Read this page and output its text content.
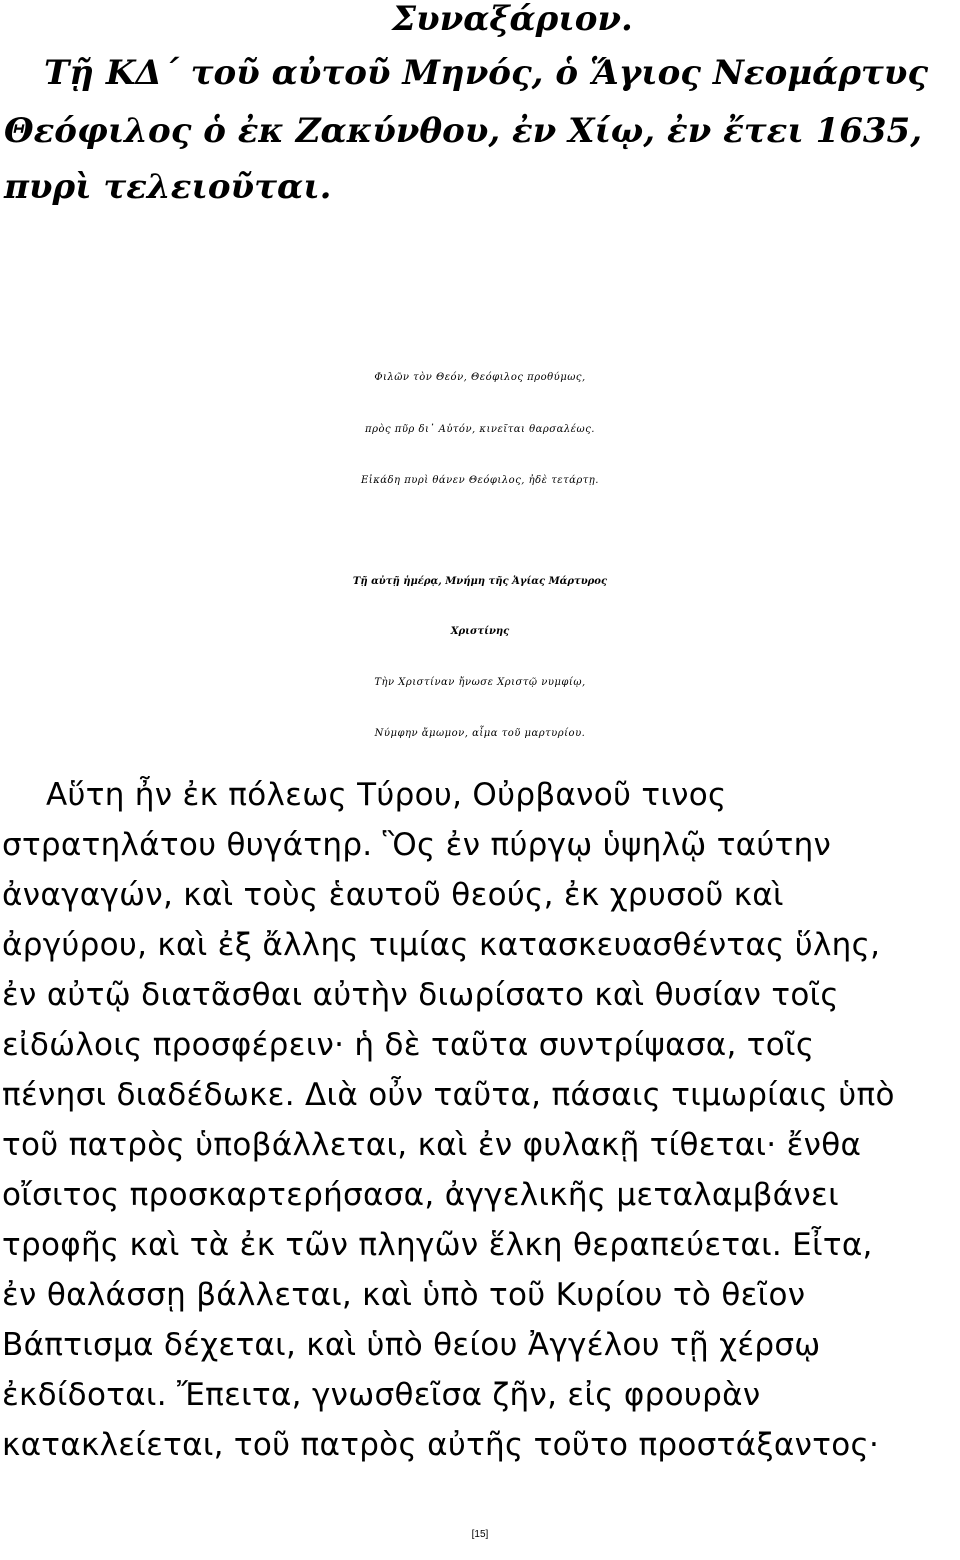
Συναξάριον.
Τῇ ΚΔ΄ τοῦ αὐτοῦ Μηνός, ὁ Ἅγιος Νεομάρτυς
Θεόφιλος ὁ ἐκ Ζακύνθου, ἐν Χίῳ, ἐν ἔτει 1635,
πυρὶ τελειοῦται.
Φιλῶν τὸν Θεόν, Θεόφιλος προθύμως,
πρὸς πῦρ δι᾽ Αὐτόν, κινεῖται θαρσαλέως.
Εἰκάδη πυρὶ θάνεν Θεόφιλος, ἠδὲ τετάρτῃ.
Τῇ αὐτῇ ἡμέρᾳ, Μνήμη τῆς Ἁγίας Μάρτυρος
Χριστίνης
Τὴν Χριστίναν ἤνωσε Χριστῷ νυμφίῳ,
Νύμφην ἄμωμον, αἷμα τοῦ μαρτυρίου.
Αὕτη ἦν ἐκ πόλεως Τύρου, Οὐρβανοῦ τινος
στρατηλάτου θυγάτηρ. Ὃς ἐν πύργῳ ὑψηλῷ ταύτην
ἀναγαγών, καὶ τοὺς ἑαυτοῦ θεούς, ἐκ χρυσοῦ καὶ
ἀργύρου, καὶ ἐξ ἄλλης τιμίας κατασκευασθέντας ὕλης,
ἐν αὐτῷ διατᾶσθαι αὐτὴν διωρίσατο καὶ θυσίαν τοῖς
εἰδώλοις προσφέρειν· ἡ δὲ ταῦτα συντρίψασα, τοῖς
πένησι διαδέδωκε. Διὰ οὖν ταῦτα, πάσαις τιμωρίαις ὑπὸ
τοῦ πατρὸς ὑποβάλλεται, καὶ ἐν φυλακῇ τίθεται· ἔνθα
οἴσιτος προσκαρτερήσασα, ἀγγελικῆς μεταλαμβάνει
τροφῆς καὶ τὰ ἐκ τῶν πληγῶν ἕλκη θεραπεύεται. Εἶτα,
ἐν θαλάσσῃ βάλλεται, καὶ ὑπὸ τοῦ Κυρίου τὸ θεῖον
Βάπτισμα δέχεται, καὶ ὑπὸ θείου Ἀγγέλου τῇ χέρσῳ
ἐκδίδοται. Ἔπειτα, γνωσθεῖσα ζῆν, εἰς φρουρὰν
κατακλείεται, τοῦ πατρὸς αὐτῆς τοῦτο προστάξαντος·
[15]
